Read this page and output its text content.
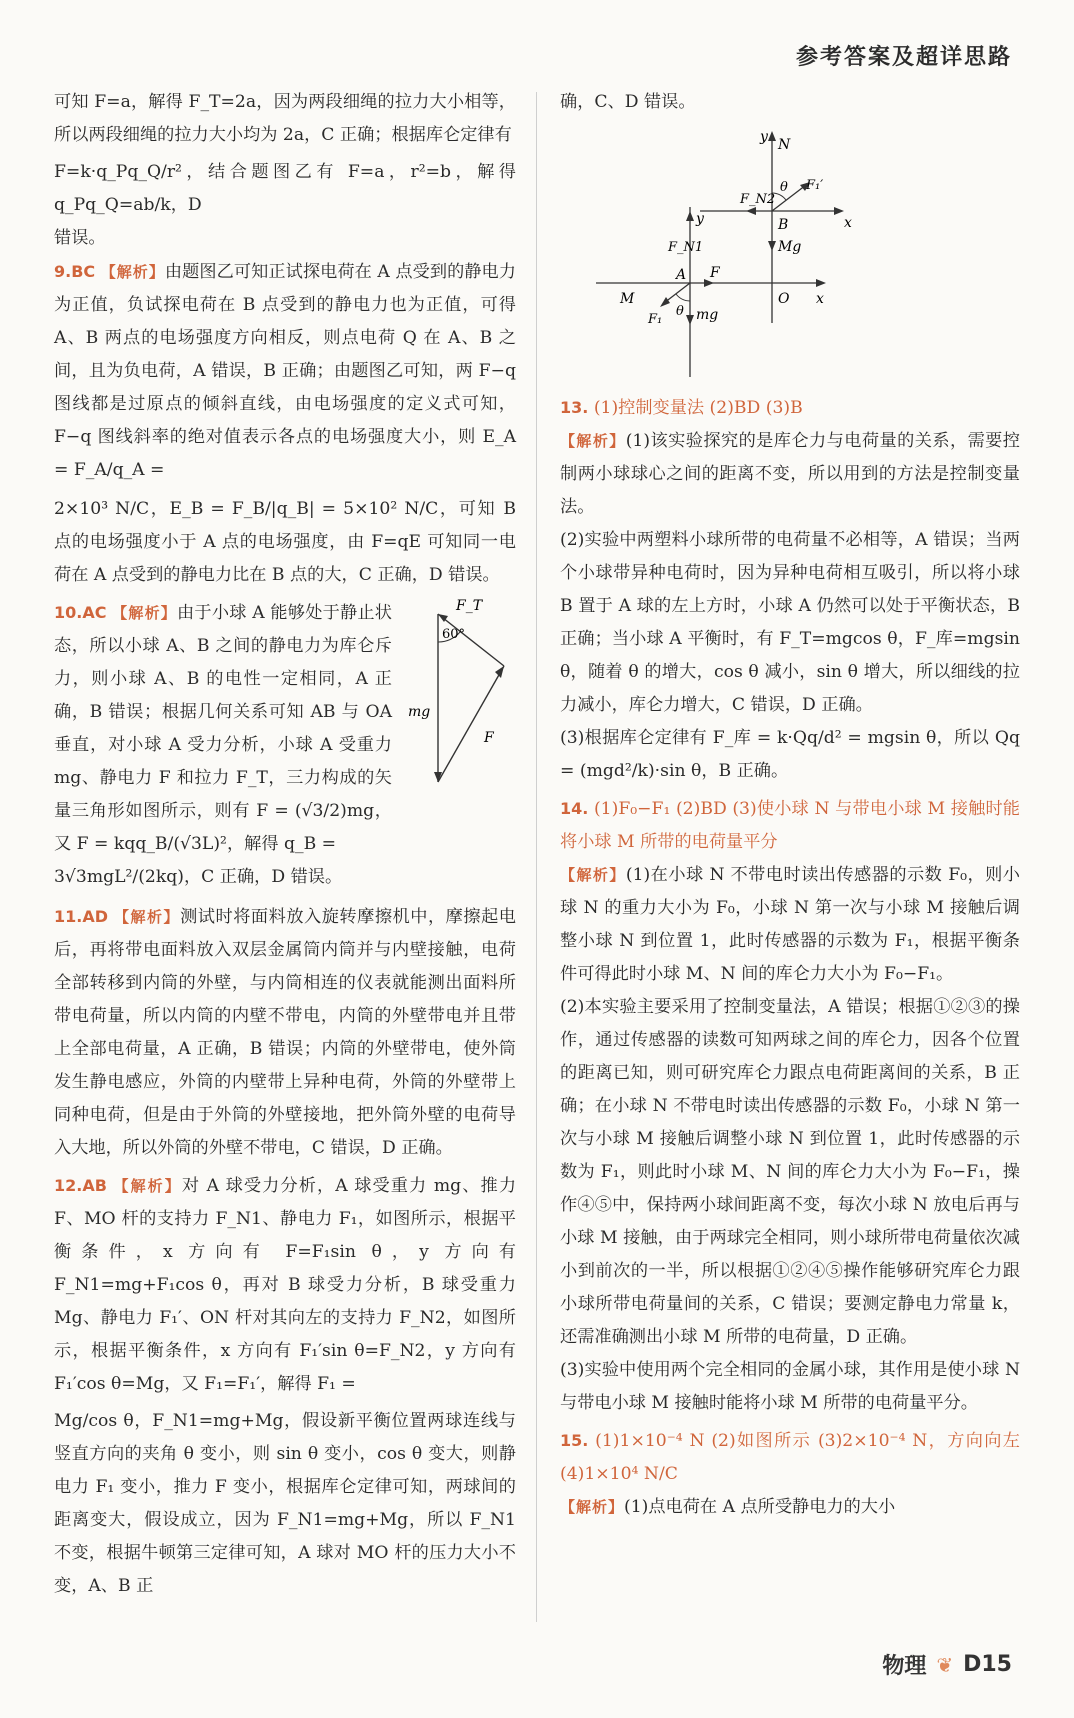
参考答案及超详思路

可知 F=a，解得 F_T=2a，因为两段细绳的拉力大小相等，所以两段细绳的拉力大小均为 2a，C 正确；根据库仑定律有

F=k·q_Pq_Q/r²，结合题图乙有 F=a，r²=b，解得 q_Pq_Q=ab/k，D

错误。

9.BC 【解析】由题图乙可知正试探电荷在 A 点受到的静电力为正值，负试探电荷在 B 点受到的静电力也为正值，可得 A、B 两点的电场强度方向相反，则点电荷 Q 在 A、B 之间，且为负电荷，A 错误，B 正确；由题图乙可知，两 F−q 图线都是过原点的倾斜直线，由电场强度的定义式可知，F−q 图线斜率的绝对值表示各点的电场强度大小，则 E_A = F_A/q_A =

2×10³ N/C，E_B = F_B/|q_B| = 5×10² N/C，可知 B 点的电场强度小于 A 点的电场强度，由 F=qE 可知同一电荷在 A 点受到的静电力比在 B 点的大，C 正确，D 错误。

F_T
60°
F
mg

10.AC 【解析】由于小球 A 能够处于静止状态，所以小球 A、B 之间的静电力为库仑斥力，则小球 A、B 的电性一定相同，A 正确，B 错误；根据几何关系可知 AB 与 OA 垂直，对小球 A 受力分析，小球 A 受重力 mg、静电力 F 和拉力 F_T，三力构成的矢量三角形如图所示，则有 F = (√3/2)mg，又 F = kqq_B/(√3L)²，解得 q_B =

3√3mgL²/(2kq)，C 正确，D 错误。

11.AD 【解析】测试时将面料放入旋转摩擦机中，摩擦起电后，再将带电面料放入双层金属筒内筒并与内壁接触，电荷全部转移到内筒的外壁，与内筒相连的仪表就能测出面料所带电荷量，所以内筒的内壁不带电，内筒的外壁带电并且带上全部电荷量，A 正确，B 错误；内筒的外壁带电，使外筒发生静电感应，外筒的内壁带上异种电荷，外筒的外壁带上同种电荷，但是由于外筒的外壁接地，把外筒外壁的电荷导入大地，所以外筒的外壁不带电，C 错误，D 正确。

12.AB 【解析】对 A 球受力分析，A 球受重力 mg、推力 F、MO 杆的支持力 F_N1、静电力 F₁，如图所示，根据平衡条件，x 方向有 F=F₁sin θ，y 方向有 F_N1=mg+F₁cos θ，再对 B 球受力分析，B 球受重力 Mg、静电力 F₁′、ON 杆对其向左的支持力 F_N2，如图所示，根据平衡条件，x 方向有 F₁′sin θ=F_N2，y 方向有 F₁′cos θ=Mg，又 F₁=F₁′，解得 F₁ =

Mg/cos θ，F_N1=mg+Mg，假设新平衡位置两球连线与竖直方向的夹角 θ 变小，则 sin θ 变小，cos θ 变大，则静电力 F₁ 变小，推力 F 变小，根据库仑定律可知，两球间的距离变大，假设成立，因为 F_N1=mg+Mg，所以 F_N1 不变，根据牛顿第三定律可知，A 球对 MO 杆的压力大小不变，A、B 正

确，C、D 错误。

y N
θ F₁′
F_N2
B	x
Mg
y
F_N1
A F
M	O x
F₁
θ mg

13. (1)控制变量法 (2)BD (3)B

【解析】(1)该实验探究的是库仑力与电荷量的关系，需要控制两小球球心之间的距离不变，所以用到的方法是控制变量法。

(2)实验中两塑料小球所带的电荷量不必相等，A 错误；当两个小球带异种电荷时，因为异种电荷相互吸引，所以将小球 B 置于 A 球的左上方时，小球 A 仍然可以处于平衡状态，B 正确；当小球 A 平衡时，有 F_T=mgcos θ，F_库=mgsin θ，随着 θ 的增大，cos θ 减小，sin θ 增大，所以细线的拉力减小，库仑力增大，C 错误，D 正确。

(3)根据库仑定律有 F_库 = k·Qq/d² = mgsin θ，所以 Qq = (mgd²/k)·sin θ，B 正确。

14. (1)F₀−F₁ (2)BD (3)使小球 N 与带电小球 M 接触时能将小球 M 所带的电荷量平分

【解析】(1)在小球 N 不带电时读出传感器的示数 F₀，则小球 N 的重力大小为 F₀，小球 N 第一次与小球 M 接触后调整小球 N 到位置 1，此时传感器的示数为 F₁，根据平衡条件可得此时小球 M、N 间的库仑力大小为 F₀−F₁。

(2)本实验主要采用了控制变量法，A 错误；根据①②③的操作，通过传感器的读数可知两球之间的库仑力，因各个位置的距离已知，则可研究库仑力跟点电荷距离间的关系，B 正确；在小球 N 不带电时读出传感器的示数 F₀，小球 N 第一次与小球 M 接触后调整小球 N 到位置 1，此时传感器的示数为 F₁，则此时小球 M、N 间的库仑力大小为 F₀−F₁，操作④⑤中，保持两小球间距离不变，每次小球 N 放电后再与小球 M 接触，由于两球完全相同，则小球所带电荷量依次减小到前次的一半，所以根据①②④⑤操作能够研究库仑力跟小球所带电荷量间的关系，C 错误；要测定静电力常量 k，还需准确测出小球 M 所带的电荷量，D 正确。

(3)实验中使用两个完全相同的金属小球，其作用是使小球 N 与带电小球 M 接触时能将小球 M 所带的电荷量平分。

15. (1)1×10⁻⁴ N (2)如图所示 (3)2×10⁻⁴ N，方向向左 (4)1×10⁴ N/C

【解析】(1)点电荷在 A 点所受静电力的大小

物理 ❦ D15
